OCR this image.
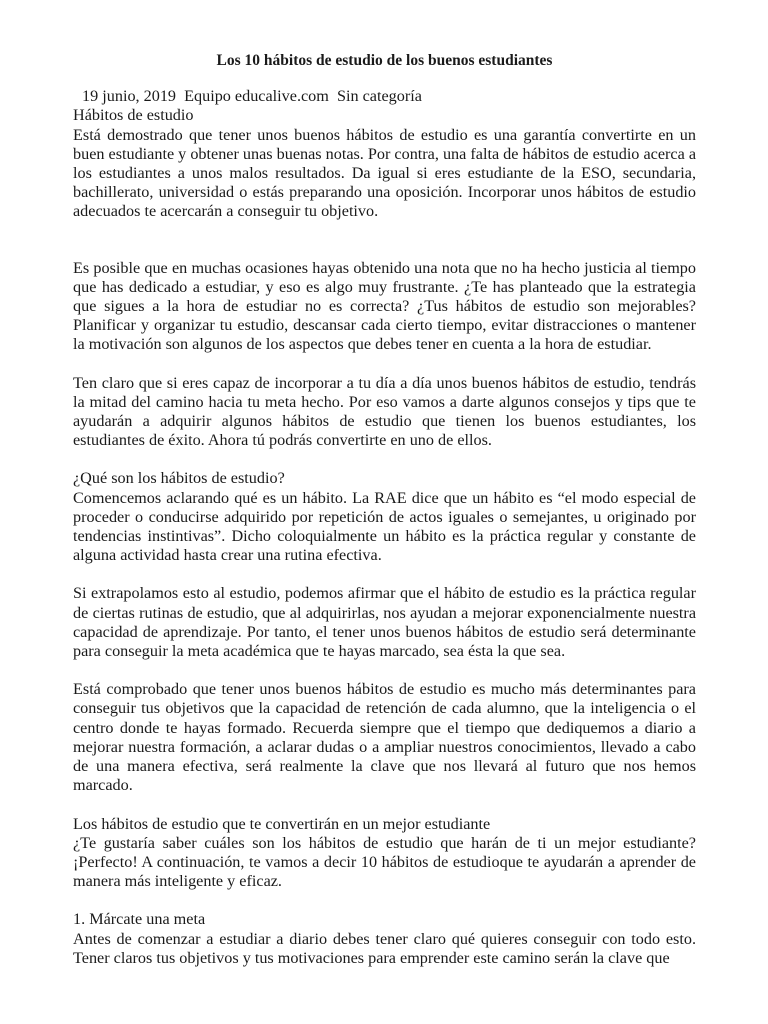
Los 10 hábitos de estudio de los buenos estudiantes
19 junio, 2019  Equipo educalive.com  Sin categoría
Hábitos de estudio

Está demostrado que tener unos buenos hábitos de estudio es una garantía convertirte en un buen estudiante y obtener unas buenas notas. Por contra, una falta de hábitos de estudio acerca a los estudiantes a unos malos resultados. Da igual si eres estudiante de la ESO, secundaria, bachillerato, universidad o estás preparando una oposición. Incorporar unos hábitos de estudio adecuados te acercarán a conseguir tu objetivo.

Es posible que en muchas ocasiones hayas obtenido una nota que no ha hecho justicia al tiempo que has dedicado a estudiar, y eso es algo muy frustrante. ¿Te has planteado que la estrategia que sigues a la hora de estudiar no es correcta? ¿Tus hábitos de estudio son mejorables? Planificar y organizar tu estudio, descansar cada cierto tiempo, evitar distracciones o mantener la motivación son algunos de los aspectos que debes tener en cuenta a la hora de estudiar.

Ten claro que si eres capaz de incorporar a tu día a día unos buenos hábitos de estudio, tendrás la mitad del camino hacia tu meta hecho. Por eso vamos a darte algunos consejos y tips que te ayudarán a adquirir algunos hábitos de estudio que tienen los buenos estudiantes, los estudiantes de éxito. Ahora tú podrás convertirte en uno de ellos.

¿Qué son los hábitos de estudio?

Comencemos aclarando qué es un hábito. La RAE dice que un hábito es “el modo especial de proceder o conducirse adquirido por repetición de actos iguales o semejantes, u originado por tendencias instintivas”. Dicho coloquialmente un hábito es la práctica regular y constante de alguna actividad hasta crear una rutina efectiva.

Si extrapolamos esto al estudio, podemos afirmar que el hábito de estudio es la práctica regular de ciertas rutinas de estudio, que al adquirirlas, nos ayudan a mejorar exponencialmente nuestra capacidad de aprendizaje. Por tanto, el tener unos buenos hábitos de estudio será determinante para conseguir la meta académica que te hayas marcado, sea ésta la que sea.

Está comprobado que tener unos buenos hábitos de estudio es mucho más determinantes para conseguir tus objetivos que la capacidad de retención de cada alumno, que la inteligencia o el centro donde te hayas formado. Recuerda siempre que el tiempo que dediquemos a diario a mejorar nuestra formación, a aclarar dudas o a ampliar nuestros conocimientos, llevado a cabo de una manera efectiva, será realmente la clave que nos llevará al futuro que nos hemos marcado.

Los hábitos de estudio que te convertirán en un mejor estudiante

¿Te gustaría saber cuáles son los hábitos de estudio que harán de ti un mejor estudiante? ¡Perfecto! A continuación, te vamos a decir 10 hábitos de estudioque te ayudarán a aprender de manera más inteligente y eficaz.

1. Márcate una meta

Antes de comenzar a estudiar a diario debes tener claro qué quieres conseguir con todo esto. Tener claros tus objetivos y tus motivaciones para emprender este camino serán la clave que
